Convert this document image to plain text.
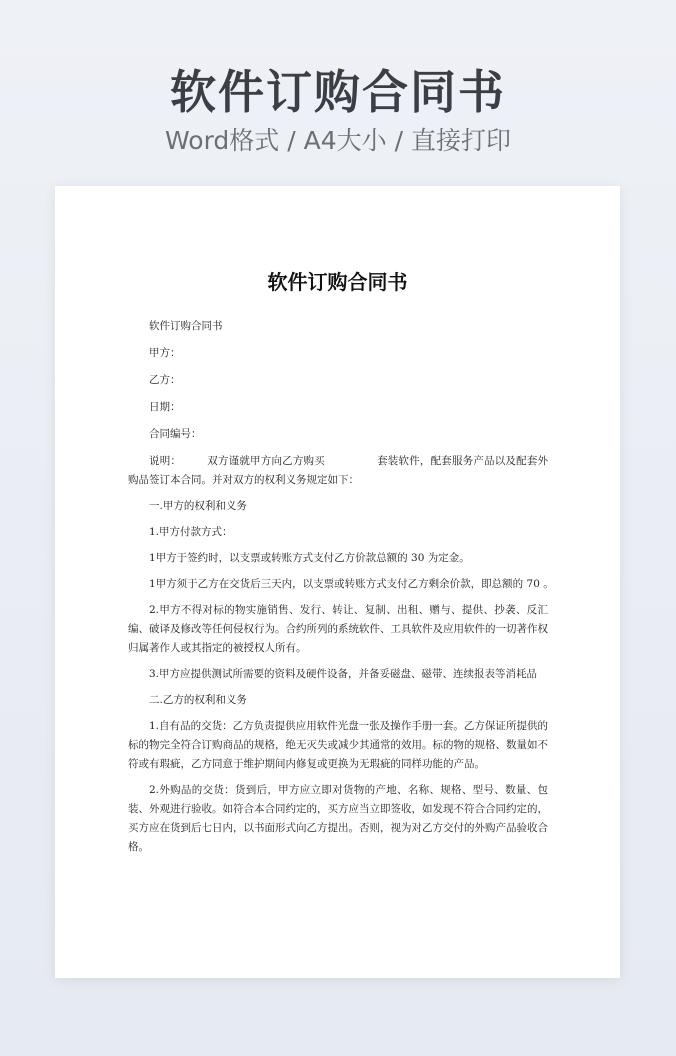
软件订购合同书
Word格式 / A4大小 / 直接打印
软件订购合同书
软件订购合同书
甲方：
乙方：
日期：
合同编号：

说明： 双方谨就甲方向乙方购买	套装软件，配套服务产品以及配套外购品签订本合同。并对双方的权利义务规定如下：

一.甲方的权利和义务

1.甲方付款方式：

1甲方于签约时，以支票或转账方式支付乙方价款总额的 30 为定金。

1甲方须于乙方在交货后三天内，以支票或转账方式支付乙方剩余价款，即总额的 70 。

2.甲方不得对标的物实施销售、发行、转让、复制、出租、赠与、提供、抄袭、反汇编、破译及修改等任何侵权行为。合约所列的系统软件、工具软件及应用软件的一切著作权归属著作人或其指定的被授权人所有。

3.甲方应提供测试所需要的资料及硬件设备，并备妥磁盘、磁带、连续报表等消耗品

二.乙方的权利和义务

1.自有品的交货：乙方负责提供应用软件光盘一张及操作手册一套。乙方保证所提供的标的物完全符合订购商品的规格，绝无灭失或减少其通常的效用。标的物的规格、数量如不符或有瑕疵，乙方同意于维护期间内修复或更换为无瑕疵的同样功能的产品。

2.外购品的交货：货到后，甲方应立即对货物的产地、名称、规格、型号、数量、包装、外观进行验收。如符合本合同约定的，买方应当立即签收，如发现不符合合同约定的，买方应在货到后七日内，以书面形式向乙方提出。否则，视为对乙方交付的外购产品验收合格。
